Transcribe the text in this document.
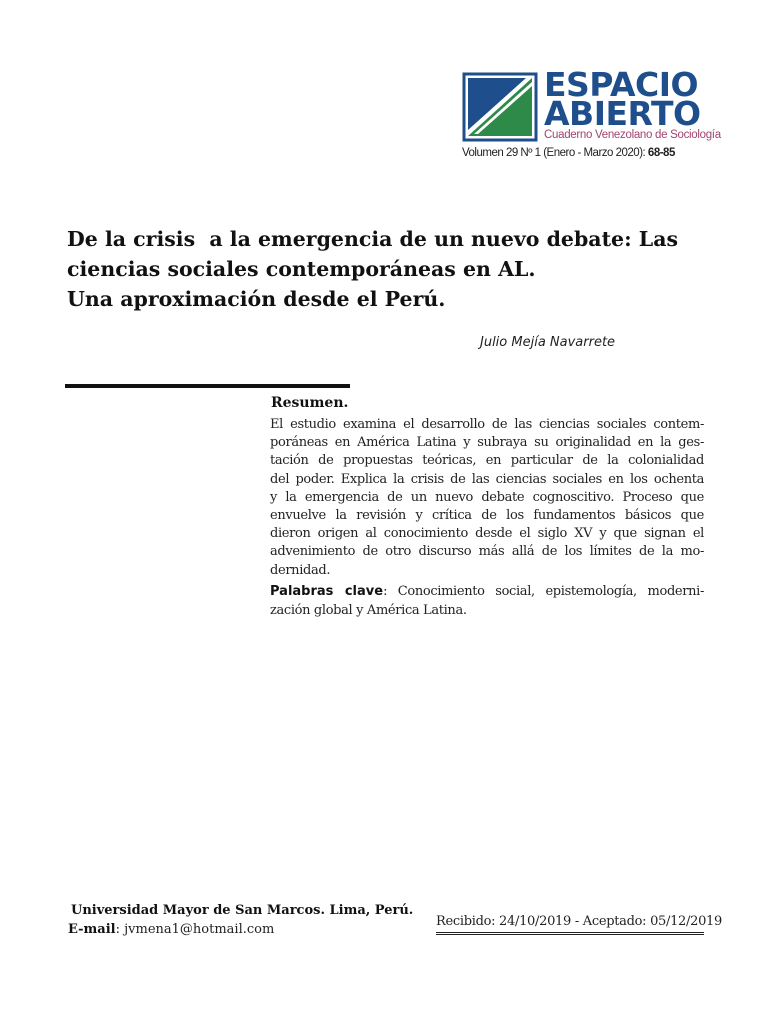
ESPACIO
ABIERTO
Cuaderno Venezolano de Sociología
Volumen 29 Nº 1 (Enero - Marzo 2020): 68-85
De la crisis  a la emergencia de un nuevo debate: Las
ciencias sociales contemporáneas en AL.
Una aproximación desde el Perú.
Julio Mejía Navarrete
Resumen.
El estudio examina el desarrollo de las ciencias sociales contem-
poráneas en América Latina y subraya su originalidad en la ges-
tación de propuestas teóricas, en particular de la colonialidad
del poder. Explica la crisis de las ciencias sociales en los ochenta
y la emergencia de un nuevo debate cognoscitivo. Proceso que
envuelve la revisión y crítica de los fundamentos básicos que
dieron origen al conocimiento desde el siglo XV y que signan el
advenimiento de otro discurso más allá de los límites de la mo-
dernidad.
Palabras clave: Conocimiento social, epistemología, moderni-
zación global y América Latina.
Universidad Mayor de San Marcos. Lima, Perú.
E-mail: jvmena1@hotmail.com
Recibido: 24/10/2019 - Aceptado: 05/12/2019
